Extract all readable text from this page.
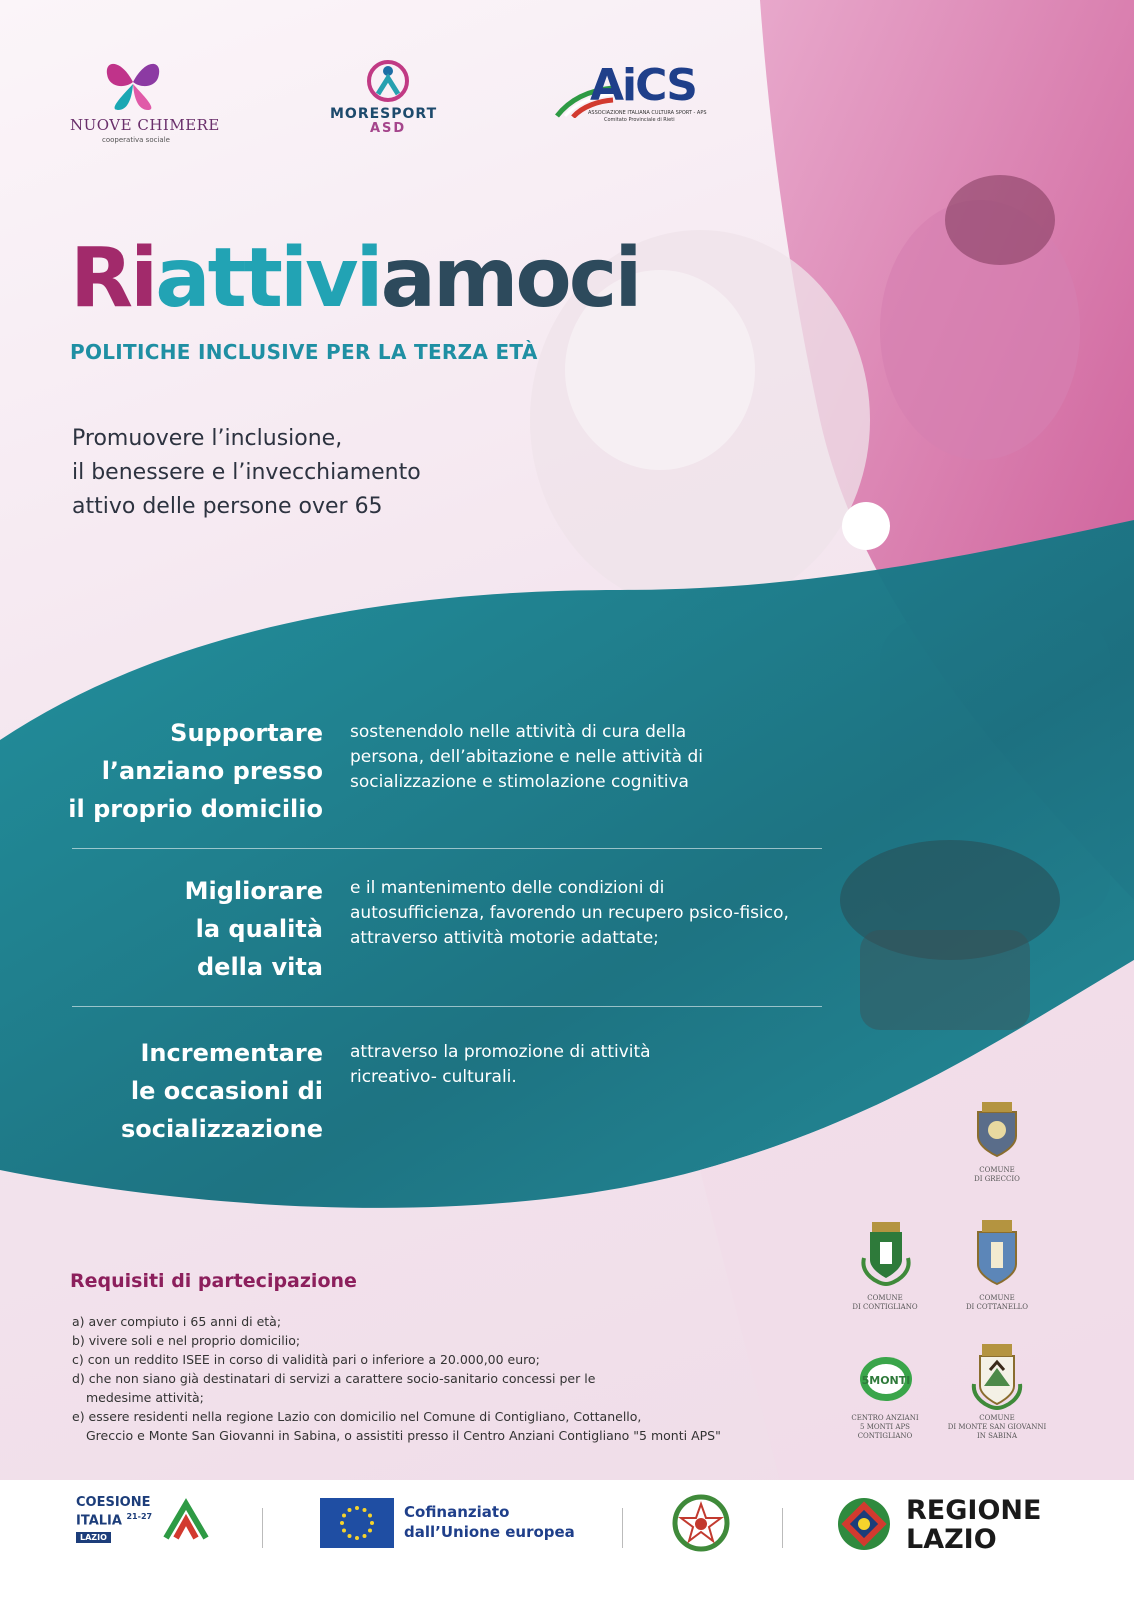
NUOVE CHIMERE
cooperativa sociale
MORESPORT
ASD
AiCS
ASSOCIAZIONE ITALIANA CULTURA SPORT - APS
Comitato Provinciale di Rieti
Riattiviamoci
POLITICHE INCLUSIVE PER LA TERZA ETÀ
Promuovere l’inclusione,
il benessere e l’invecchiamento
attivo delle persone over 65
Supportare
l’anziano presso
il proprio domicilio
sostenendolo nelle attività di cura della
persona, dell’abitazione e nelle attività di
socializzazione e stimolazione cognitiva
Migliorare
la qualità
della vita
e il mantenimento delle condizioni di
autosufficienza, favorendo un recupero psico-fisico,
attraverso attività motorie adattate;
Incrementare
le occasioni di
socializzazione
attraverso la promozione di attività
ricreativo- culturali.
Requisiti di partecipazione
a) aver compiuto i 65 anni di età;
b) vivere soli e nel proprio domicilio;
c) con un reddito ISEE in corso di validità pari o inferiore a 20.000,00 euro;
d) che non siano già destinatari di servizi a carattere socio-sanitario concessi per le
medesime attività;
e) essere residenti nella regione Lazio con domicilio nel Comune di Contigliano, Cottanello,
Greccio e Monte San Giovanni in Sabina, o assistiti presso il Centro Anziani Contigliano "5 monti APS"
COMUNE
DI GRECCIO
COMUNE
DI CONTIGLIANO
COMUNE
DI COTTANELLO
5MONTI
CENTRO ANZIANI
5 MONTI APS
CONTIGLIANO
COMUNE
DI MONTE SAN GIOVANNI
IN SABINA
COESIONE
ITALIA $^{21-27}$
LAZIO
Cofinanziato
dall’Unione europea
REGIONE
LAZIO
